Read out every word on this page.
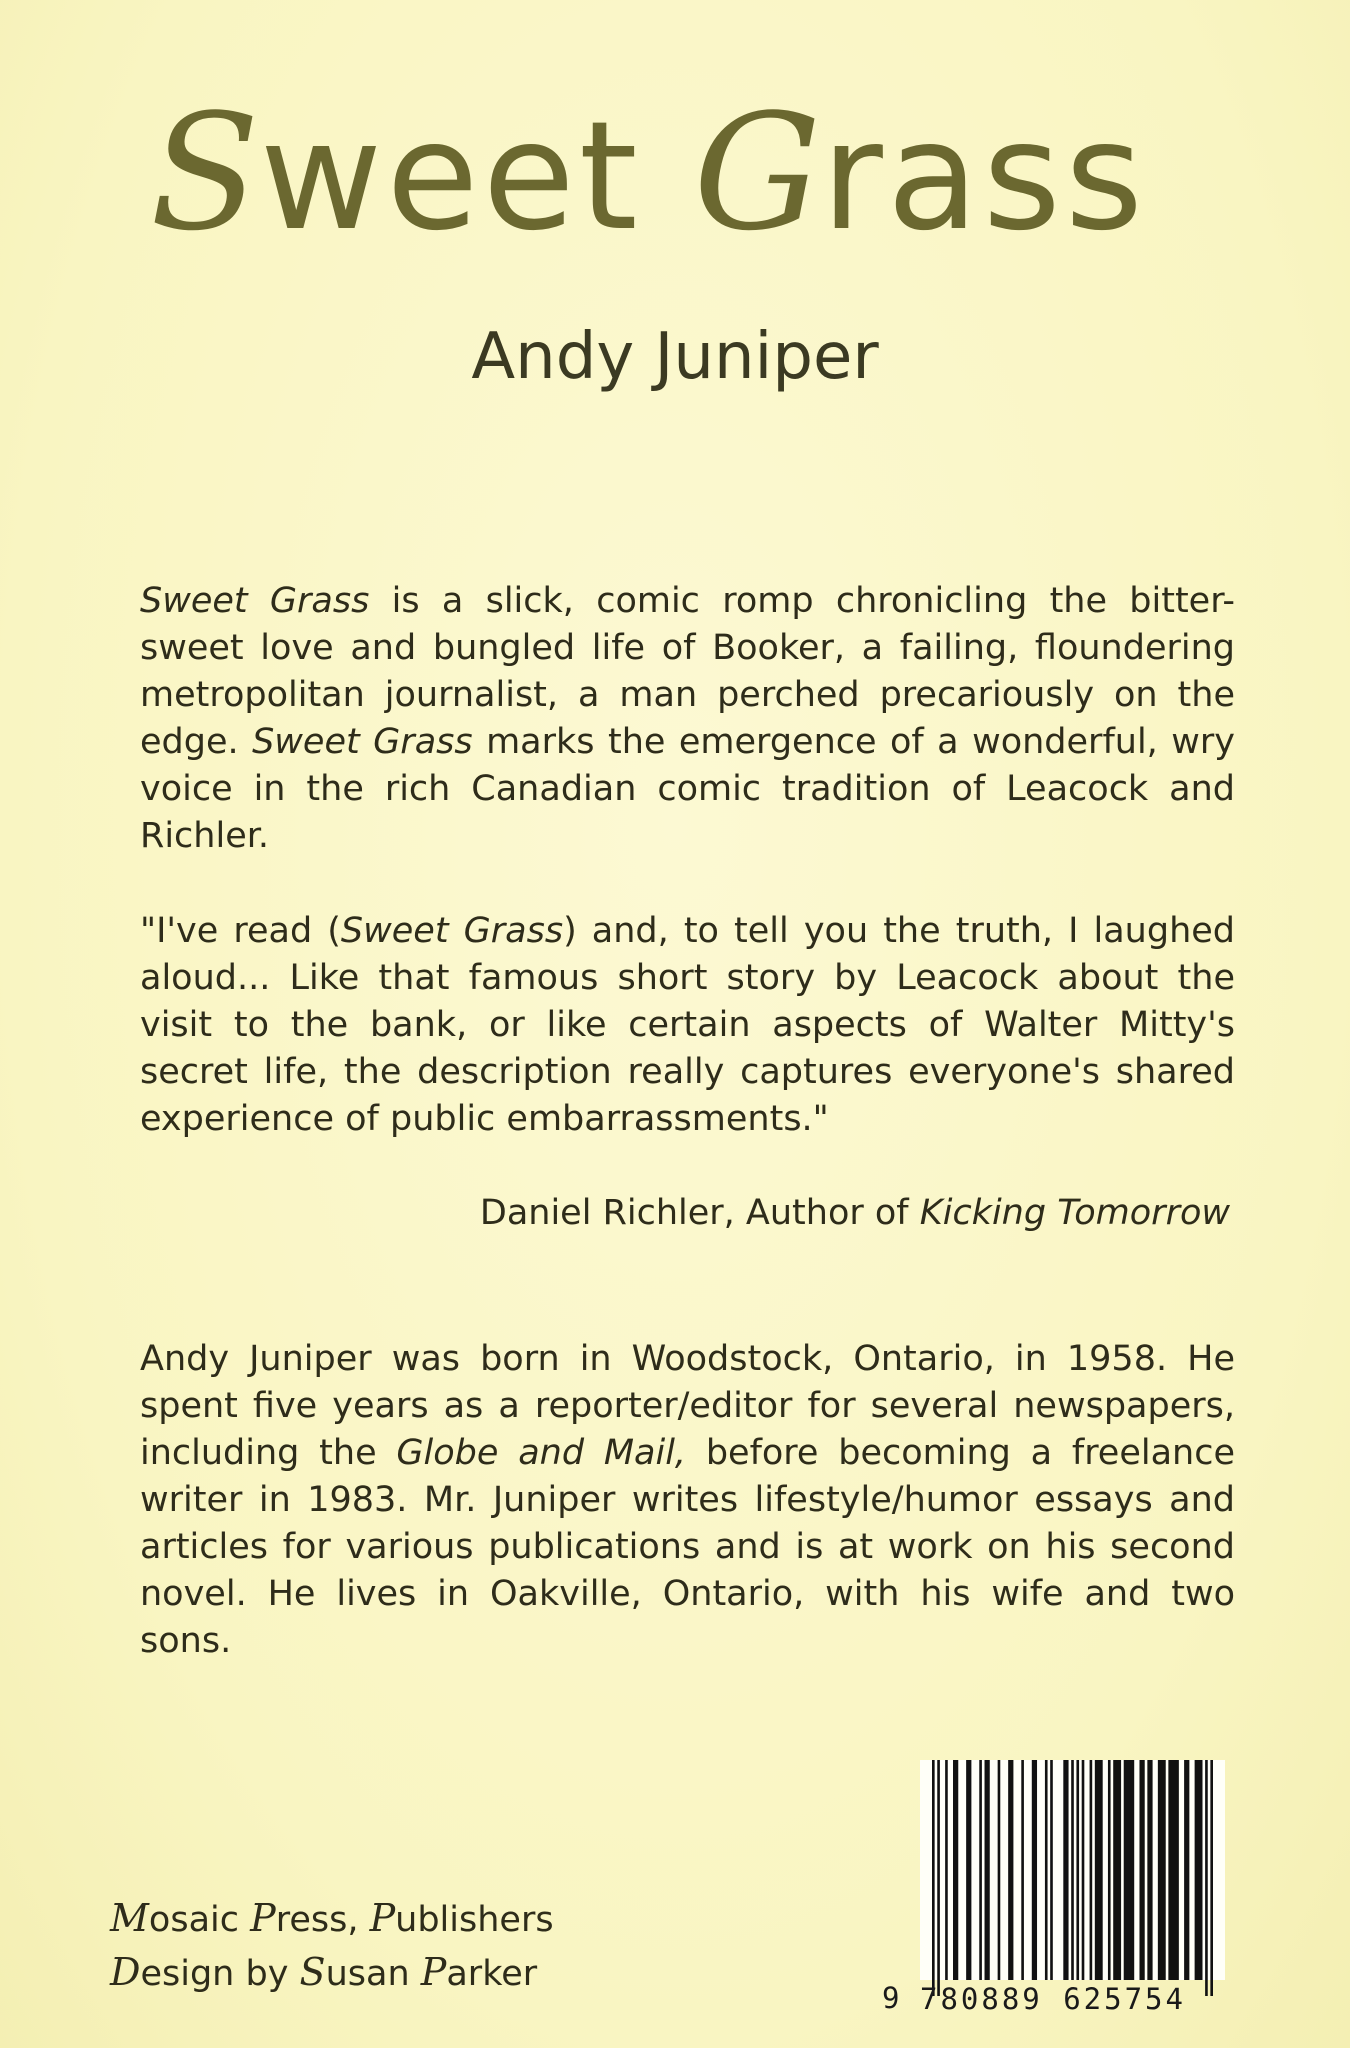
Sweet Grass
Andy Juniper

Sweet Grass is a slick, comic romp chronicling the bitter-sweet love and bungled life of Booker, a failing, floundering metropolitan journalist, a man perched precariously on the edge. Sweet Grass marks the emergence of a wonderful, wry voice in the rich Canadian comic tradition of Leacock and Richler.

"I've read (Sweet Grass) and, to tell you the truth, I laughed aloud... Like that famous short story by Leacock about the visit to the bank, or like certain aspects of Walter Mitty's secret life, the description really captures everyone's shared experience of public embarrassments."

Daniel Richler, Author of Kicking Tomorrow

Andy Juniper was born in Woodstock, Ontario, in 1958. He spent five years as a reporter/editor for several newspapers, including the Globe and Mail, before becoming a freelance writer in 1983. Mr. Juniper writes lifestyle/humor essays and articles for various publications and is at work on his second novel. He lives in Oakville, Ontario, with his wife and two sons.

Mosaic Press, Publishers
Design by Susan Parker
9 780889 625754
